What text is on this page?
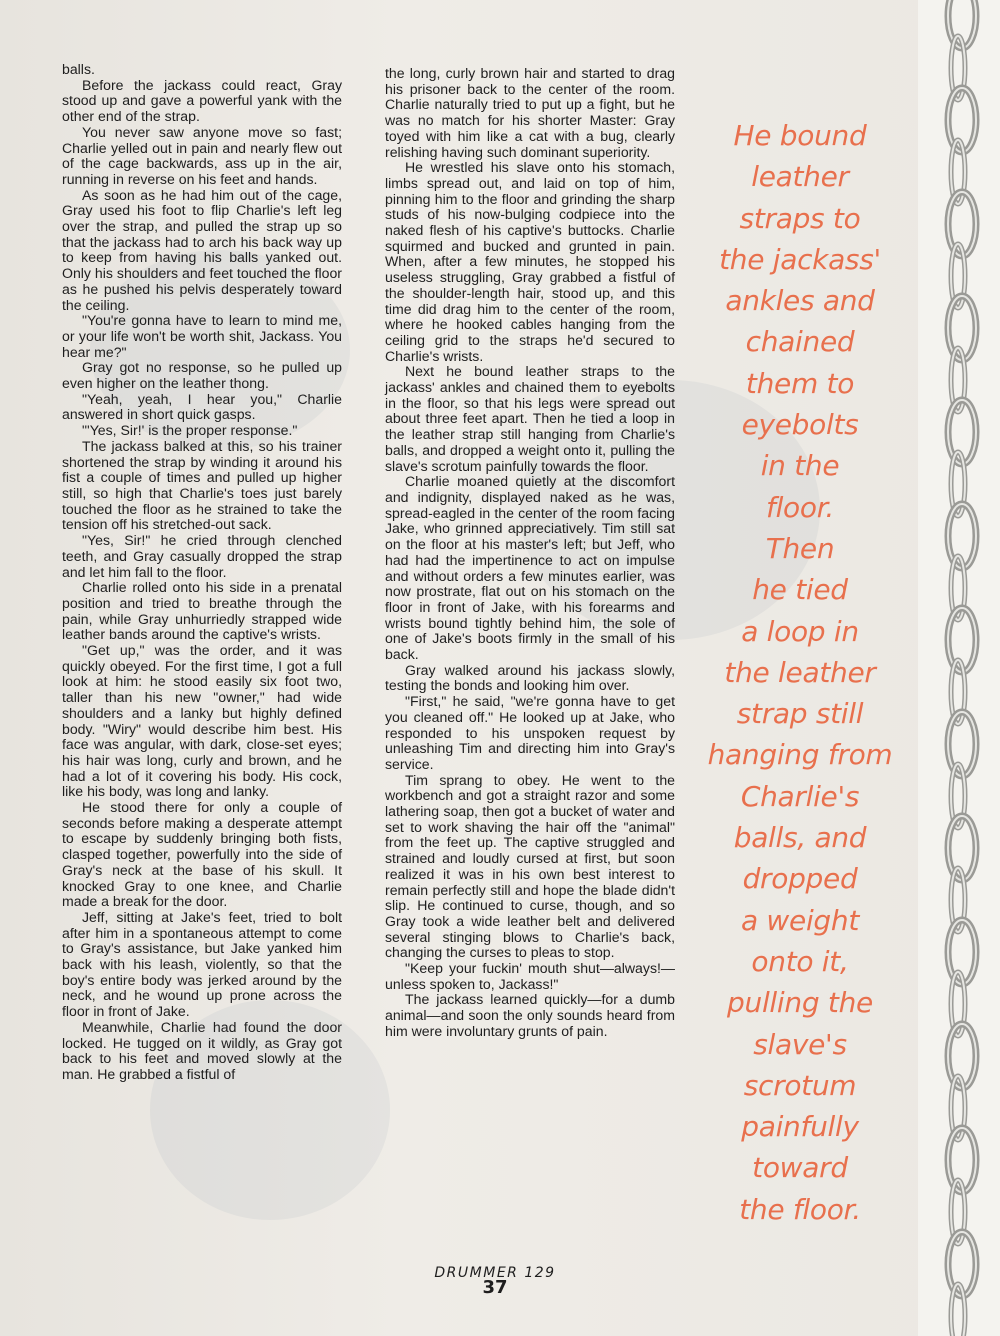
balls.

Before the jackass could react, Gray stood up and gave a powerful yank with the other end of the strap.

You never saw anyone move so fast; Charlie yelled out in pain and nearly flew out of the cage backwards, ass up in the air, running in reverse on his feet and hands.

As soon as he had him out of the cage, Gray used his foot to flip Charlie's left leg over the strap, and pulled the strap up so that the jackass had to arch his back way up to keep from having his balls yanked out. Only his shoulders and feet touched the floor as he pushed his pelvis desperately toward the ceiling.

"You're gonna have to learn to mind me, or your life won't be worth shit, Jackass. You hear me?"

Gray got no response, so he pulled up even higher on the leather thong.

"Yeah, yeah, I hear you," Charlie answered in short quick gasps.

"'Yes, Sir!' is the proper response."

The jackass balked at this, so his trainer shortened the strap by winding it around his fist a couple of times and pulled up higher still, so high that Charlie's toes just barely touched the floor as he strained to take the tension off his stretched-out sack.

"Yes, Sir!" he cried through clenched teeth, and Gray casually dropped the strap and let him fall to the floor.

Charlie rolled onto his side in a prenatal position and tried to breathe through the pain, while Gray unhurriedly strapped wide leather bands around the captive's wrists.

"Get up," was the order, and it was quickly obeyed. For the first time, I got a full look at him: he stood easily six foot two, taller than his new "owner," had wide shoulders and a lanky but highly defined body. "Wiry" would describe him best. His face was angular, with dark, close-set eyes; his hair was long, curly and brown, and he had a lot of it covering his body. His cock, like his body, was long and lanky.

He stood there for only a couple of seconds before making a desperate attempt to escape by suddenly bringing both fists, clasped together, powerfully into the side of Gray's neck at the base of his skull. It knocked Gray to one knee, and Charlie made a break for the door.

Jeff, sitting at Jake's feet, tried to bolt after him in a spontaneous attempt to come to Gray's assistance, but Jake yanked him back with his leash, violently, so that the boy's entire body was jerked around by the neck, and he wound up prone across the floor in front of Jake.

Meanwhile, Charlie had found the door locked. He tugged on it wildly, as Gray got back to his feet and moved slowly at the man. He grabbed a fistful of

the long, curly brown hair and started to drag his prisoner back to the center of the room. Charlie naturally tried to put up a fight, but he was no match for his shorter Master: Gray toyed with him like a cat with a bug, clearly relishing having such dominant superiority.

He wrestled his slave onto his stomach, limbs spread out, and laid on top of him, pinning him to the floor and grinding the sharp studs of his now-bulging codpiece into the naked flesh of his captive's buttocks. Charlie squirmed and bucked and grunted in pain. When, after a few minutes, he stopped his useless struggling, Gray grabbed a fistful of the shoulder-length hair, stood up, and this time did drag him to the center of the room, where he hooked cables hanging from the ceiling grid to the straps he'd secured to Charlie's wrists.

Next he bound leather straps to the jackass' ankles and chained them to eyebolts in the floor, so that his legs were spread out about three feet apart. Then he tied a loop in the leather strap still hanging from Charlie's balls, and dropped a weight onto it, pulling the slave's scrotum painfully towards the floor.

Charlie moaned quietly at the discomfort and indignity, displayed naked as he was, spread-eagled in the center of the room facing Jake, who grinned appreciatively. Tim still sat on the floor at his master's left; but Jeff, who had had the impertinence to act on impulse and without orders a few minutes earlier, was now prostrate, flat out on his stomach on the floor in front of Jake, with his forearms and wrists bound tightly behind him, the sole of one of Jake's boots firmly in the small of his back.

Gray walked around his jackass slowly, testing the bonds and looking him over.

"First," he said, "we're gonna have to get you cleaned off." He looked up at Jake, who responded to his unspoken request by unleashing Tim and directing him into Gray's service.

Tim sprang to obey. He went to the workbench and got a straight razor and some lathering soap, then got a bucket of water and set to work shaving the hair off the "animal" from the feet up. The captive struggled and strained and loudly cursed at first, but soon realized it was in his own best interest to remain perfectly still and hope the blade didn't slip. He continued to curse, though, and so Gray took a wide leather belt and delivered several stinging blows to Charlie's back, changing the curses to pleas to stop.

"Keep your fuckin' mouth shut—always!—unless spoken to, Jackass!"

The jackass learned quickly—for a dumb animal—and soon the only sounds heard from him were involuntary grunts of pain.

He bound
leather
straps to
the jackass'
ankles and
chained
them to
eyebolts
in the
floor.
Then
he tied
a loop in
the leather
strap still
hanging from
Charlie's
balls, and
dropped
a weight
onto it,
pulling the
slave's
scrotum
painfully
toward
the floor.
DRUMMER 129
37
